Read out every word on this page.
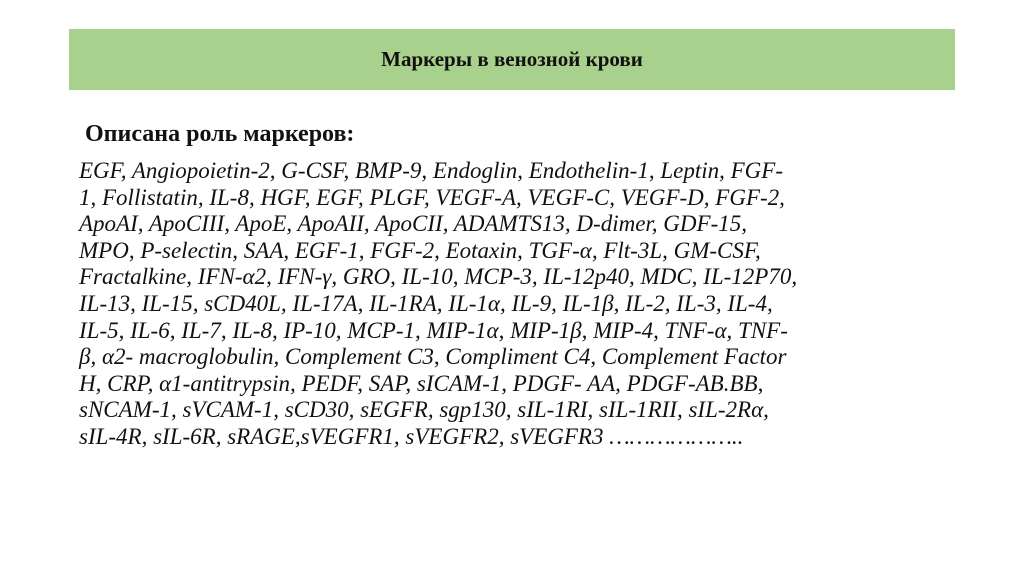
Маркеры в венозной крови
Описана роль маркеров:
EGF, Angiopoietin-2, G-CSF, BMP-9, Endoglin, Endothelin-1, Leptin, FGF-
1, Follistatin, IL-8, HGF, EGF, PLGF, VEGF-A, VEGF-C, VEGF-D, FGF-2,
ApoAI, ApoCIII, ApoE, ApoAII, ApoCII, ADAMTS13, D-dimer, GDF-15,
MPO, P-selectin, SAA, EGF-1, FGF-2, Eotaxin, TGF-α, Flt-3L, GM-CSF,
Fractalkine, IFN-α2, IFN-γ, GRO, IL-10, MCP-3, IL-12p40, MDC, IL-12P70,
IL-13, IL-15, sCD40L, IL-17A, IL-1RA, IL-1α, IL-9, IL-1β, IL-2, IL-3, IL-4,
IL-5, IL-6, IL-7, IL-8, IP-10, MCP-1, MIP-1α, MIP-1β, MIP-4, TNF-α, TNF-
β, α2- macroglobulin, Complement C3, Compliment C4, Complement Factor
H, CRP, α1-antitrypsin, PEDF, SAP, sICAM-1, PDGF- AA, PDGF-AB.BB,
sNCAM-1, sVCAM-1, sCD30, sEGFR, sgp130, sIL-1RI, sIL-1RII, sIL-2Rα,
sIL-4R, sIL-6R, sRAGE,sVEGFR1, sVEGFR2, sVEGFR3 ………………..
